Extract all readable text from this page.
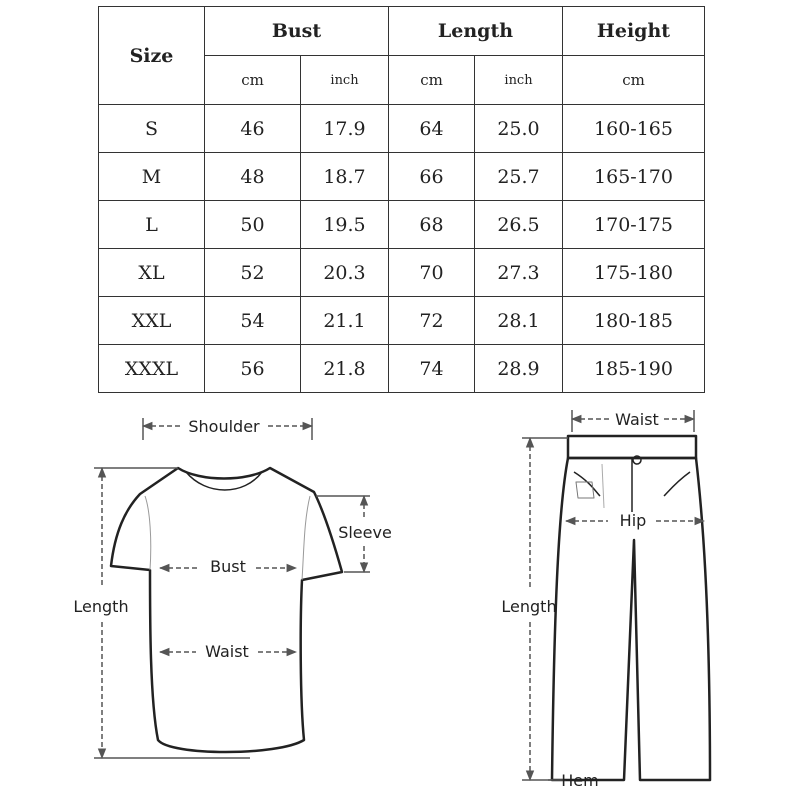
Size	Bust		Length		Height
	cm	inch	cm	inch	cm
S	46	17.9	64	25.0	160-165
M	48	18.7	66	25.7	165-170
L	50	19.5	68	26.5	170-175
XL	52	20.3	70	27.3	175-180
XXL	54	21.1	72	28.1	180-185
XXXL	56	21.8	74	28.9	185-190
Shoulder
Sleeve
Bust
Length
Waist
Waist
Hip
Length
Hem
